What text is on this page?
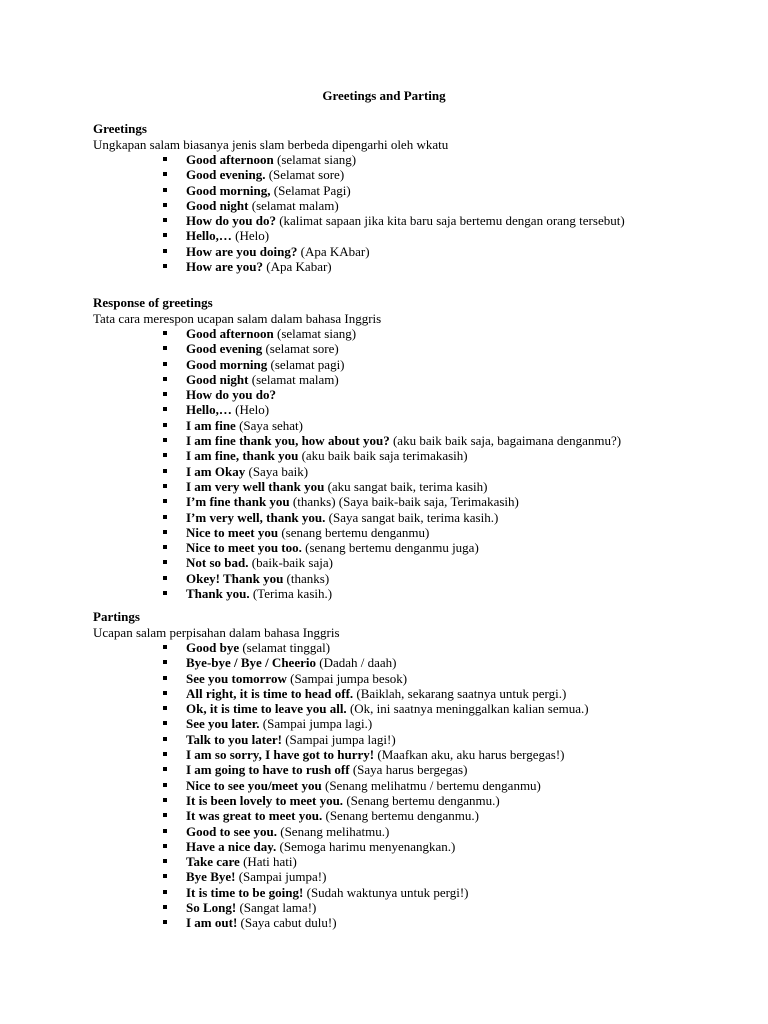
Greetings and Parting
Greetings
Ungkapan salam biasanya jenis slam berbeda dipengarhi oleh wkatu
Good afternoon (selamat siang)
Good evening. (Selamat sore)
Good morning, (Selamat Pagi)
Good night (selamat malam)
How do you do? (kalimat sapaan jika kita baru saja bertemu dengan orang tersebut)
Hello,… (Helo)
How are you doing? (Apa KAbar)
How are you? (Apa Kabar)
Response of greetings
Tata cara merespon ucapan salam dalam bahasa Inggris
Good afternoon (selamat siang)
Good evening (selamat sore)
Good morning (selamat pagi)
Good night (selamat malam)
How do you do?
Hello,… (Helo)
I am fine (Saya sehat)
I am fine thank you, how about you? (aku baik baik saja, bagaimana denganmu?)
I am fine, thank you (aku baik baik saja terimakasih)
I am Okay (Saya baik)
I am very well thank you (aku sangat baik, terima kasih)
I’m fine thank you (thanks) (Saya baik-baik saja, Terimakasih)
I’m very well, thank you. (Saya sangat baik, terima kasih.)
Nice to meet you (senang bertemu denganmu)
Nice to meet you too. (senang bertemu denganmu juga)
Not so bad. (baik-baik saja)
Okey! Thank you (thanks)
Thank you. (Terima kasih.)
Partings
Ucapan salam perpisahan dalam bahasa Inggris
Good bye (selamat tinggal)
Bye-bye / Bye / Cheerio (Dadah / daah)
See you tomorrow (Sampai jumpa besok)
All right, it is time to head off. (Baiklah, sekarang saatnya untuk pergi.)
Ok, it is time to leave you all. (Ok, ini saatnya meninggalkan kalian semua.)
See you later. (Sampai jumpa lagi.)
Talk to you later! (Sampai jumpa lagi!)
I am so sorry, I have got to hurry! (Maafkan aku, aku harus bergegas!)
I am going to have to rush off (Saya harus bergegas)
Nice to see you/meet you (Senang melihatmu / bertemu denganmu)
It is been lovely to meet you. (Senang bertemu denganmu.)
It was great to meet you. (Senang bertemu denganmu.)
Good to see you. (Senang melihatmu.)
Have a nice day. (Semoga harimu menyenangkan.)
Take care (Hati hati)
Bye Bye! (Sampai jumpa!)
It is time to be going! (Sudah waktunya untuk pergi!)
So Long! (Sangat lama!)
I am out! (Saya cabut dulu!)
